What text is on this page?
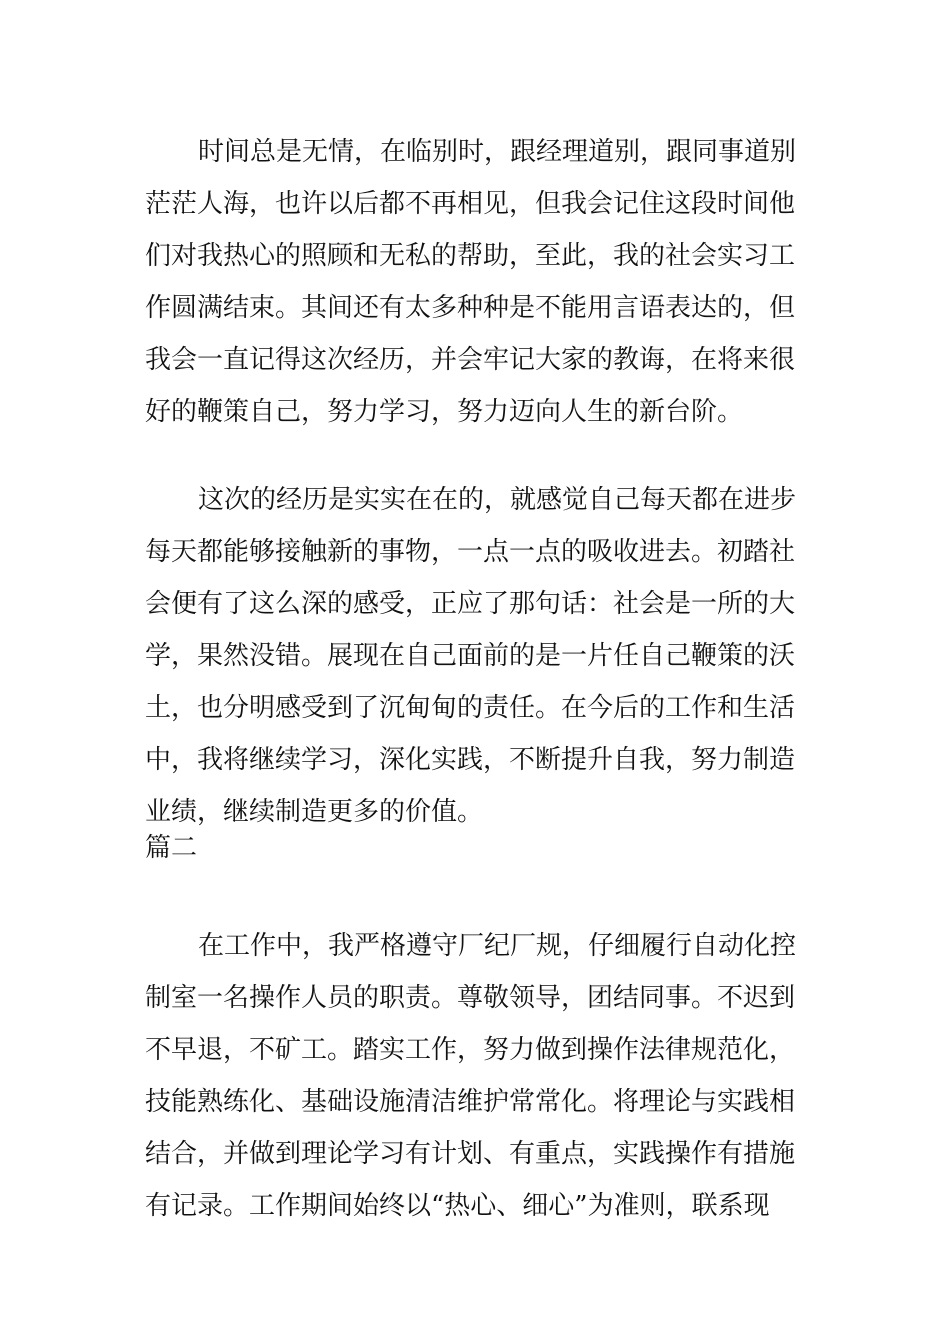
时间总是无情，在临别时，跟经理道别，跟同事道别
茫茫人海，也许以后都不再相见，但我会记住这段时间他
们对我热心的照顾和无私的帮助，至此，我的社会实习工
作圆满结束。其间还有太多种种是不能用言语表达的，但
我会一直记得这次经历，并会牢记大家的教诲，在将来很
好的鞭策自己，努力学习，努力迈向人生的新台阶。
这次的经历是实实在在的，就感觉自己每天都在进步
每天都能够接触新的事物，一点一点的吸收进去。初踏社
会便有了这么深的感受，正应了那句话：社会是一所的大
学，果然没错。展现在自己面前的是一片任自己鞭策的沃
土，也分明感受到了沉甸甸的责任。在今后的工作和生活
中，我将继续学习，深化实践，不断提升自我，努力制造
业绩，继续制造更多的价值。
篇二
在工作中，我严格遵守厂纪厂规，仔细履行自动化控
制室一名操作人员的职责。尊敬领导，团结同事。不迟到
不早退，不矿工。踏实工作，努力做到操作法律规范化，
技能熟练化、基础设施清洁维护常常化。将理论与实践相
结合，并做到理论学习有计划、有重点，实践操作有措施
有记录。工作期间始终以“热心、细心”为准则，联系现
